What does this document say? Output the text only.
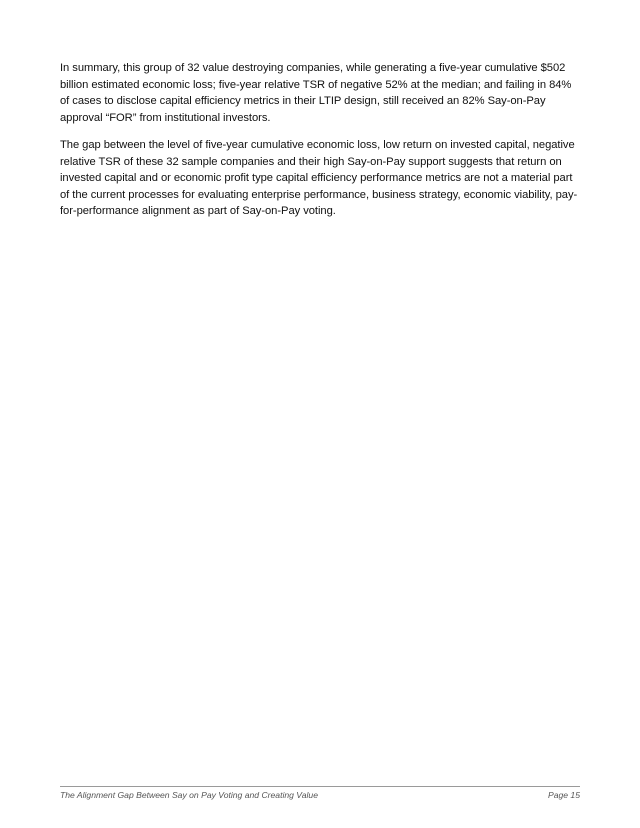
In summary, this group of 32 value destroying companies, while generating a five-year cumulative $502 billion estimated economic loss; five-year relative TSR of negative 52% at the median; and failing in 84% of cases to disclose capital efficiency metrics in their LTIP design, still received an 82% Say-on-Pay approval “FOR” from institutional investors.

The gap between the level of five-year cumulative economic loss, low return on invested capital, negative relative TSR of these 32 sample companies and their high Say-on-Pay support suggests that return on invested capital and or economic profit type capital efficiency performance metrics are not a material part of the current processes for evaluating enterprise performance, business strategy, economic viability, pay-for-performance alignment as part of Say-on-Pay voting.

The Alignment Gap Between Say on Pay Voting and Creating Value	Page 15
